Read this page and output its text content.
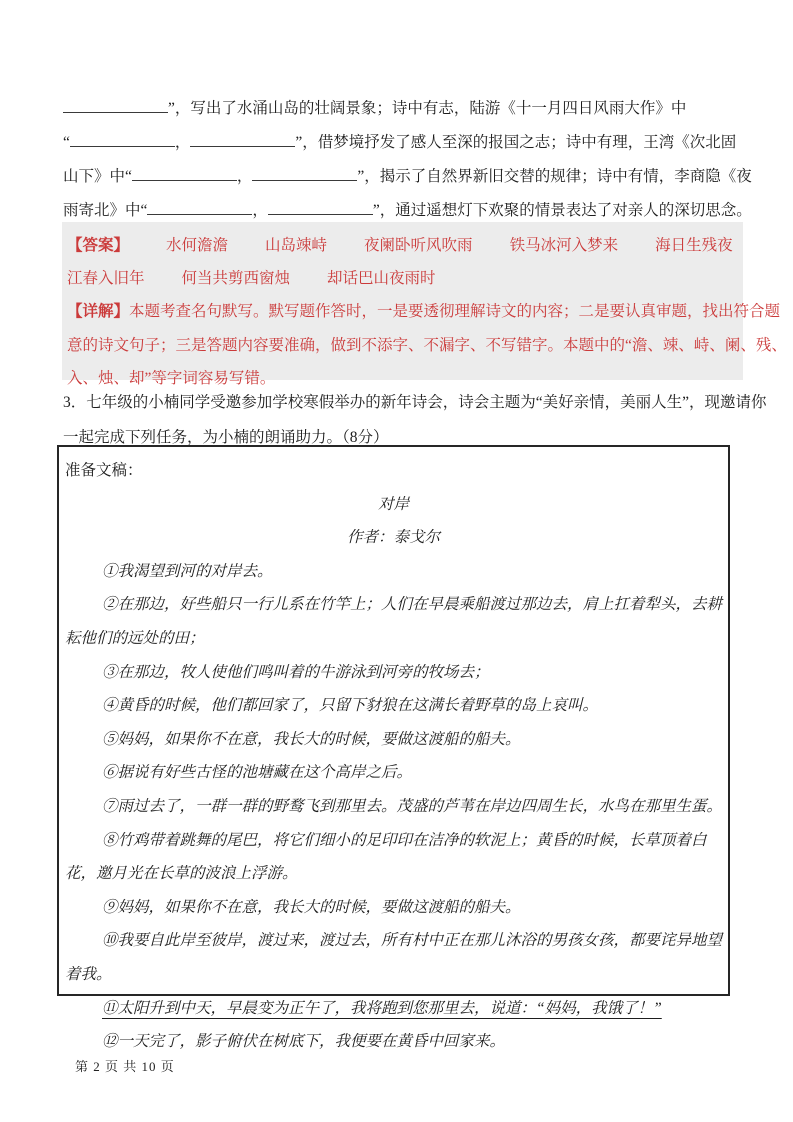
”，写出了水涌山岛的壮阔景象；诗中有志，陆游《十一月四日风雨大作》中
“	，	”，借梦境抒发了感人至深的报国之志；诗中有理，王湾《次北固
山下》中“	，	”，揭示了自然界新旧交替的规律；诗中有情，李商隐《夜
雨寄北》中“	，	”，通过遥想灯下欢聚的情景表达了对亲人的深切思念。
【答案】 水何澹澹 山岛竦峙 夜阑卧听风吹雨 铁马冰河入梦来 海日生残夜
江春入旧年 何当共剪西窗烛 却话巴山夜雨时
【详解】本题考查名句默写。默写题作答时，一是要透彻理解诗文的内容；二是要认真审题，找出符合题
意的诗文句子；三是答题内容要准确，做到不添字、不漏字、不写错字。本题中的“澹、竦、峙、阑、残、
入、烛、却”等字词容易写错。
3．七年级的小楠同学受邀参加学校寒假举办的新年诗会，诗会主题为“美好亲情，美丽人生”，现邀请你
一起完成下列任务，为小楠的朗诵助力。（8分）
准备文稿：
对岸
作者：泰戈尔
①我渴望到河的对岸去。
②在那边，好些船只一行儿系在竹竿上；人们在早晨乘船渡过那边去，肩上扛着犁头，去耕耘他们的远处的田；
③在那边，牧人使他们鸣叫着的牛游泳到河旁的牧场去；
④黄昏的时候，他们都回家了，只留下豺狼在这满长着野草的岛上哀叫。
⑤妈妈，如果你不在意，我长大的时候，要做这渡船的船夫。
⑥据说有好些古怪的池塘藏在这个高岸之后。
⑦雨过去了，一群一群的野鹜飞到那里去。茂盛的芦苇在岸边四周生长，水鸟在那里生蛋。
⑧竹鸡带着跳舞的尾巴，将它们细小的足印印在洁净的软泥上；黄昏的时候，长草顶着白花，邀月光在长草的波浪上浮游。
⑨妈妈，如果你不在意，我长大的时候，要做这渡船的船夫。
⑩我要自此岸至彼岸，渡过来，渡过去，所有村中正在那儿沐浴的男孩女孩，都要诧异地望着我。
⑪太阳升到中天，早晨变为正午了，我将跑到您那里去，说道：“妈妈，我饿了！”
⑫一天完了，影子俯伏在树底下，我便要在黄昏中回家来。
第 2 页 共 10 页
